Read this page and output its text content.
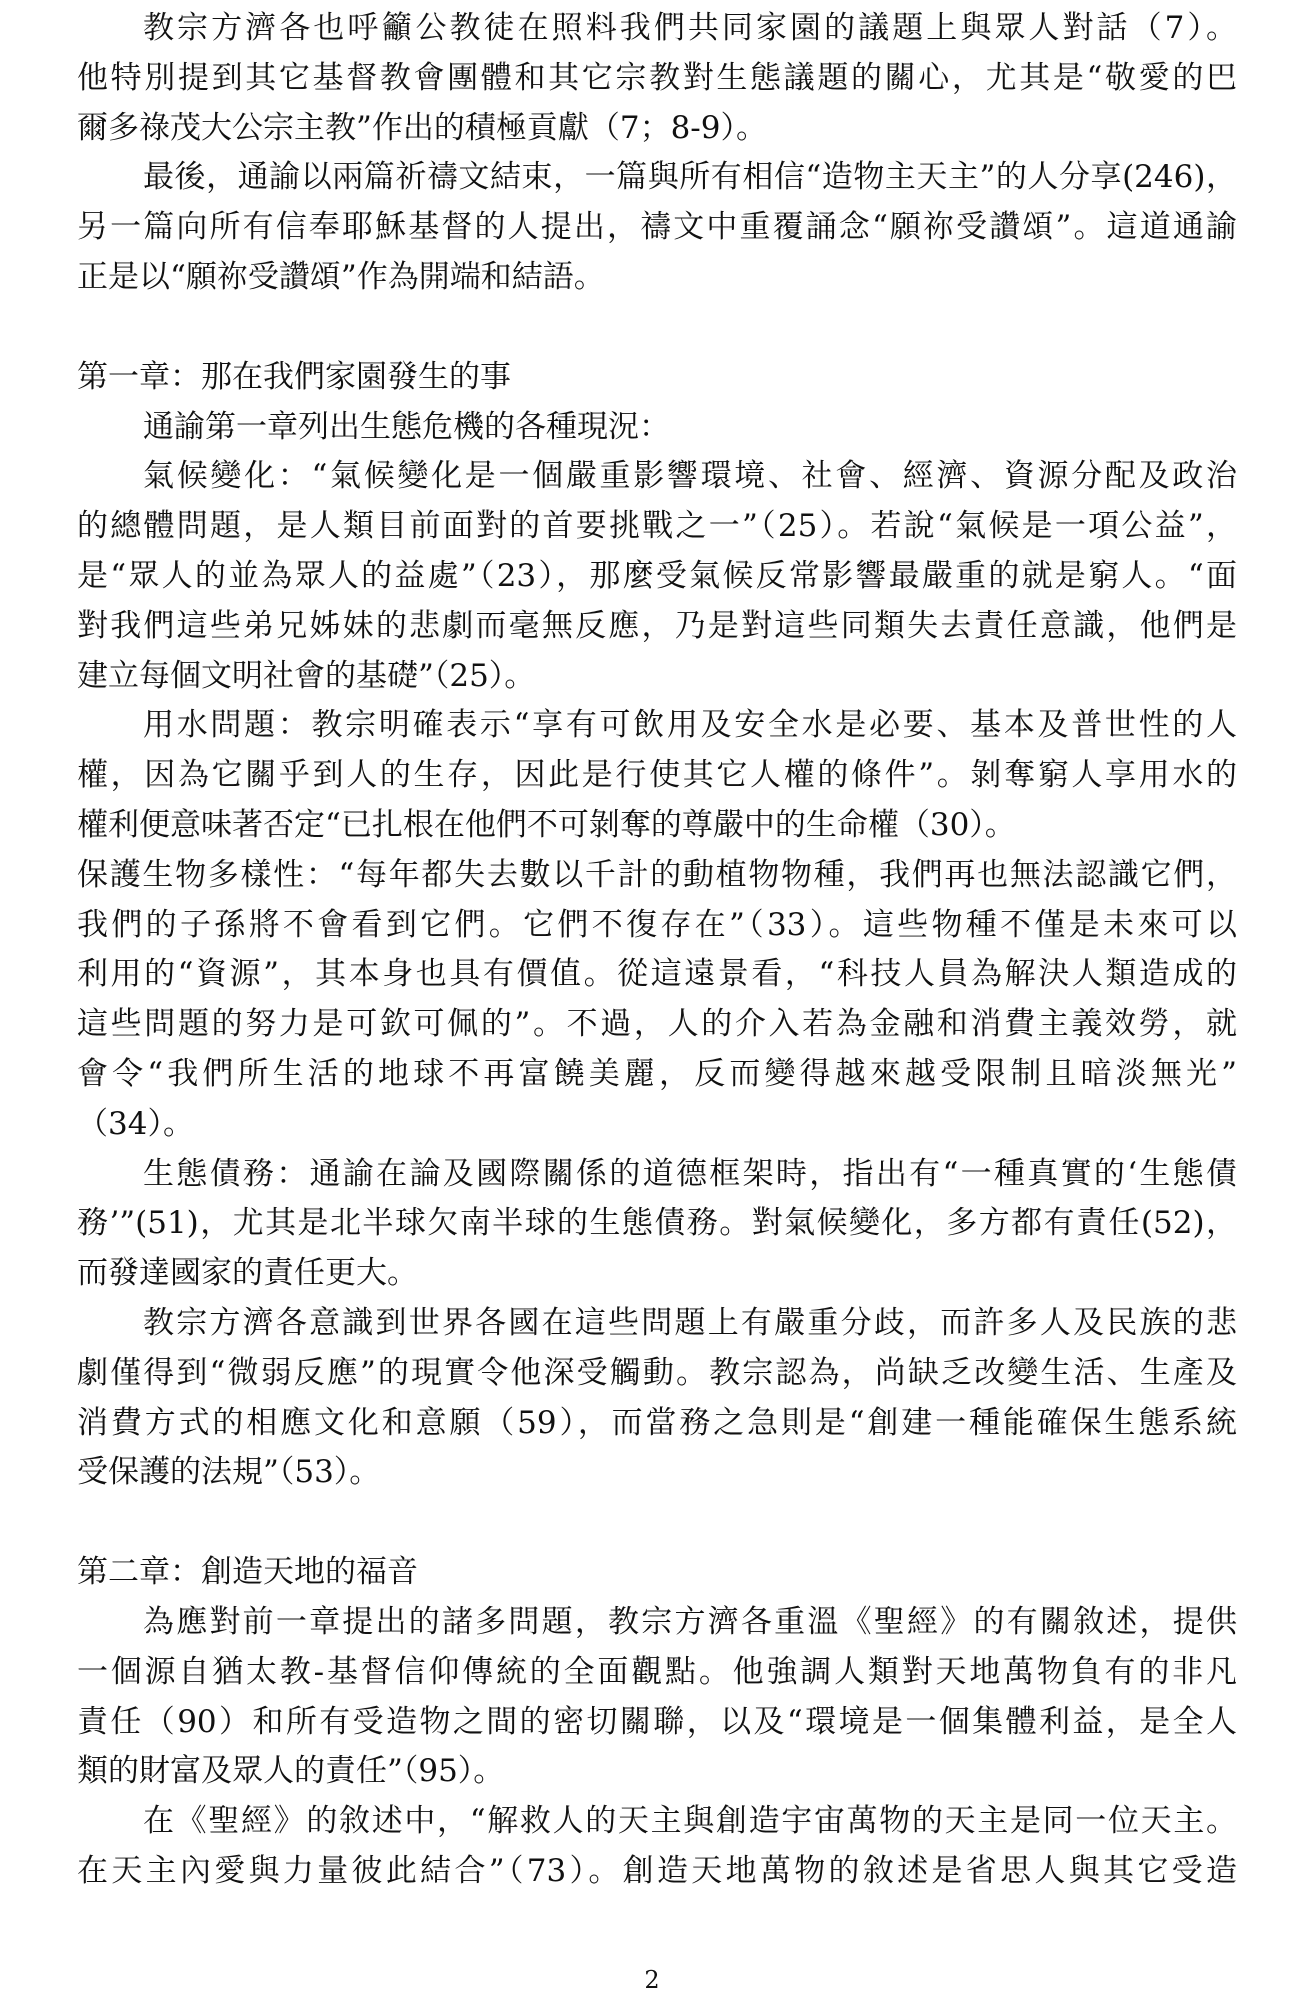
教宗方濟各也呼籲公教徒在照料我們共同家園的議題上與眾人對話（7）。
他特別提到其它基督教會團體和其它宗教對生態議題的關心，尤其是“敬愛的巴
爾多祿茂大公宗主教”作出的積極貢獻（7；8-9）。
最後，通諭以兩篇祈禱文結束，一篇與所有相信“造物主天主”的人分享(246)，
另一篇向所有信奉耶穌基督的人提出，禱文中重覆誦念“願祢受讚頌”。這道通諭
正是以“願祢受讚頌”作為開端和結語。
第一章：那在我們家園發生的事
通諭第一章列出生態危機的各種現況：
氣候變化：“氣候變化是一個嚴重影響環境、社會、經濟、資源分配及政治
的總體問題，是人類目前面對的首要挑戰之一”（25）。若說“氣候是一項公益”，
是“眾人的並為眾人的益處”（23），那麼受氣候反常影響最嚴重的就是窮人。“面
對我們這些弟兄姊妹的悲劇而毫無反應，乃是對這些同類失去責任意識，他們是
建立每個文明社會的基礎”（25）。
用水問題：教宗明確表示“享有可飲用及安全水是必要、基本及普世性的人
權，因為它關乎到人的生存，因此是行使其它人權的條件”。剝奪窮人享用水的
權利便意味著否定“已扎根在他們不可剝奪的尊嚴中的生命權（30）。
保護生物多樣性：“每年都失去數以千計的動植物物種，我們再也無法認識它們，
我們的子孫將不會看到它們。它們不復存在”（33）。這些物種不僅是未來可以
利用的“資源”，其本身也具有價值。從這遠景看，“科技人員為解決人類造成的
這些問題的努力是可欽可佩的”。不過，人的介入若為金融和消費主義效勞，就
會令“我們所生活的地球不再富饒美麗，反而變得越來越受限制且暗淡無光”
（34）。
生態債務：通諭在論及國際關係的道德框架時，指出有“一種真實的‘生態債
務’”(51)，尤其是北半球欠南半球的生態債務。對氣候變化，多方都有責任(52)，
而發達國家的責任更大。
教宗方濟各意識到世界各國在這些問題上有嚴重分歧，而許多人及民族的悲
劇僅得到“微弱反應”的現實令他深受觸動。教宗認為，尚缺乏改變生活、生產及
消費方式的相應文化和意願（59），而當務之急則是“創建一種能確保生態系統
受保護的法規”（53）。
第二章：創造天地的福音
為應對前一章提出的諸多問題，教宗方濟各重溫《聖經》的有關敘述，提供
一個源自猶太教-基督信仰傳統的全面觀點。他強調人類對天地萬物負有的非凡
責任（90）和所有受造物之間的密切關聯，以及“環境是一個集體利益，是全人
類的財富及眾人的責任”（95）。
在《聖經》的敘述中，“解救人的天主與創造宇宙萬物的天主是同一位天主。
在天主內愛與力量彼此結合”（73）。創造天地萬物的敘述是省思人與其它受造
2
